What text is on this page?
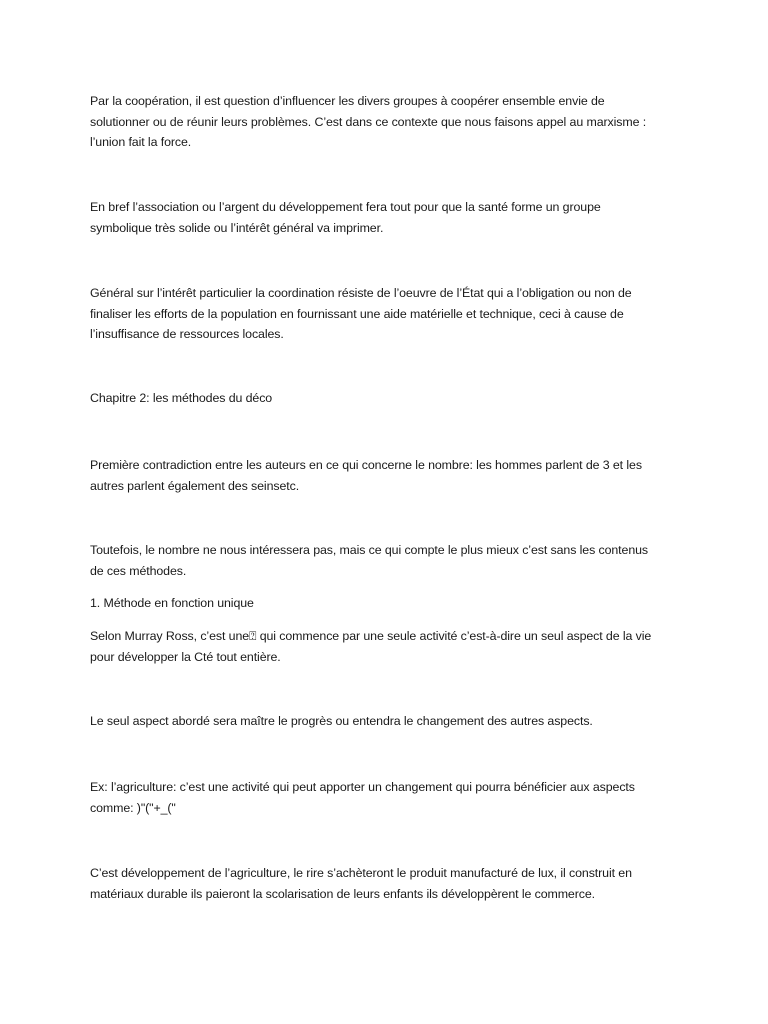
Par la coopération, il est question d’influencer les divers groupes à coopérer ensemble envie de
solutionner ou de réunir leurs problèmes. C’est dans ce contexte que nous faisons appel au marxisme :
l’union fait la force.

En bref l’association ou l’argent du développement fera tout pour que la santé forme un groupe
symbolique très solide ou l’intérêt général va imprimer.

Général sur l’intérêt particulier la coordination résiste de l’oeuvre de l’État qui a l’obligation ou non de
finaliser les efforts de la population en fournissant une aide matérielle et technique, ceci à cause de
l’insuffisance de ressources locales.

Chapitre 2: les méthodes du déco

Première contradiction entre les auteurs en ce qui concerne le nombre: les hommes parlent de 3 et les
autres parlent également des seinsetc.

Toutefois, le nombre ne nous intéressera pas, mais ce qui compte le plus mieux c’est sans les contenus
de ces méthodes.

1. Méthode en fonction unique

Selon Murray Ross, c’est une⍰ qui commence par une seule activité c’est-à-dire un seul aspect de la vie
pour développer la Cté tout entière.

Le seul aspect abordé sera maître le progrès ou entendra le changement des autres aspects.

Ex: l’agriculture: c’est une activité qui peut apporter un changement qui pourra bénéficier aux aspects
comme: )"("+_("

C’est développement de l’agriculture, le rire s’achèteront le produit manufacturé de lux, il construit en
matériaux durable ils paieront la scolarisation de leurs enfants ils développèrent le commerce.
